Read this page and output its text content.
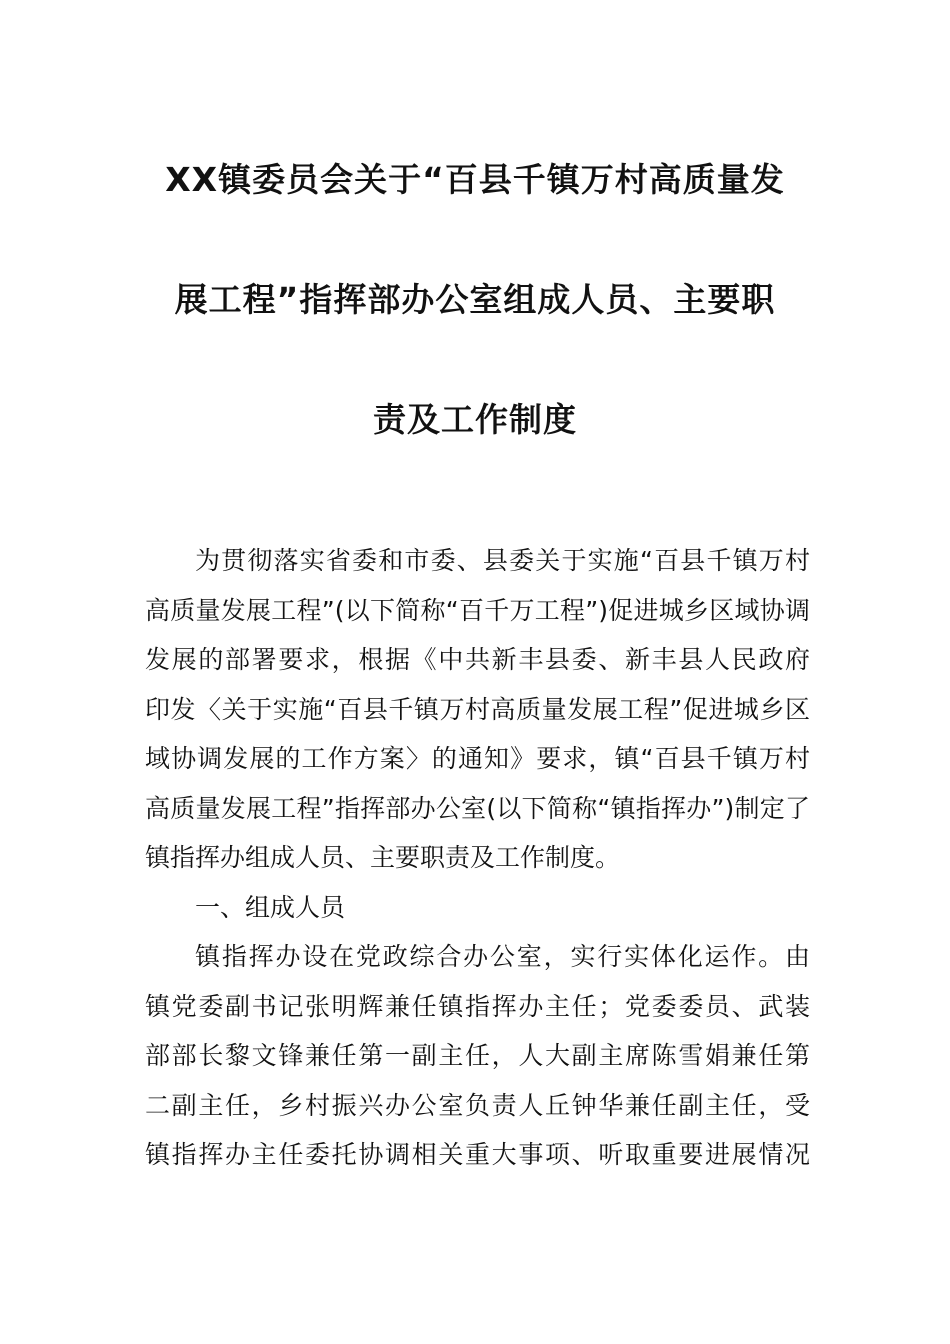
XX镇委员会关于“百县千镇万村高质量发
展工程”指挥部办公室组成人员、主要职
责及工作制度
为贯彻落实省委和市委、县委关于实施“百县千镇万村
高质量发展工程”(以下简称“百千万工程”)促进城乡区域协调
发展的部署要求，根据《中共新丰县委、新丰县人民政府
印发〈关于实施“百县千镇万村高质量发展工程”促进城乡区
域协调发展的工作方案〉的通知》要求，镇“百县千镇万村
高质量发展工程”指挥部办公室(以下简称“镇指挥办”)制定了
镇指挥办组成人员、主要职责及工作制度。
一、组成人员
镇指挥办设在党政综合办公室，实行实体化运作。由
镇党委副书记张明辉兼任镇指挥办主任；党委委员、武装
部部长黎文锋兼任第一副主任，人大副主席陈雪娟兼任第
二副主任，乡村振兴办公室负责人丘钟华兼任副主任，受
镇指挥办主任委托协调相关重大事项、听取重要进展情况
